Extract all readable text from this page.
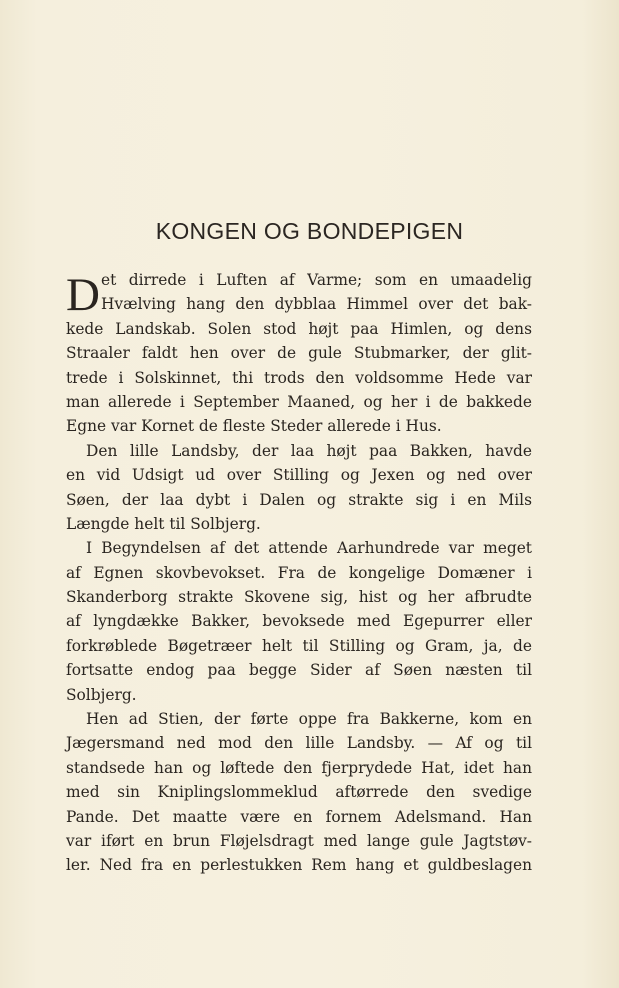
KONGEN OG BONDEPIGEN
D et dirrede i Luften af Varme; som en umaadelig
Hvælving hang den dybblaa Himmel over det bak-
kede Landskab. Solen stod højt paa Himlen, og dens
Straaler faldt hen over de gule Stubmarker, der glit-
trede i Solskinnet, thi trods den voldsomme Hede var
man allerede i September Maaned, og her i de bakkede
Egne var Kornet de fleste Steder allerede i Hus.
Den lille Landsby, der laa højt paa Bakken, havde
en vid Udsigt ud over Stilling og Jexen og ned over
Søen, der laa dybt i Dalen og strakte sig i en Mils
Længde helt til Solbjerg.
I Begyndelsen af det attende Aarhundrede var meget
af Egnen skovbevokset. Fra de kongelige Domæner i
Skanderborg strakte Skovene sig, hist og her afbrudte
af lyngdække Bakker, bevoksede med Egepurrer eller
forkrøblede Bøgetræer helt til Stilling og Gram, ja, de
fortsatte endog paa begge Sider af Søen næsten til
Solbjerg.
Hen ad Stien, der førte oppe fra Bakkerne, kom en
Jægersmand ned mod den lille Landsby. — Af og til
standsede han og løftede den fjerprydede Hat, idet han
med sin Kniplingslommeklud aftørrede den svedige
Pande. Det maatte være en fornem Adelsmand. Han
var iført en brun Fløjelsdragt med lange gule Jagtstøv-
ler. Ned fra en perlestukken Rem hang et guldbeslagen
